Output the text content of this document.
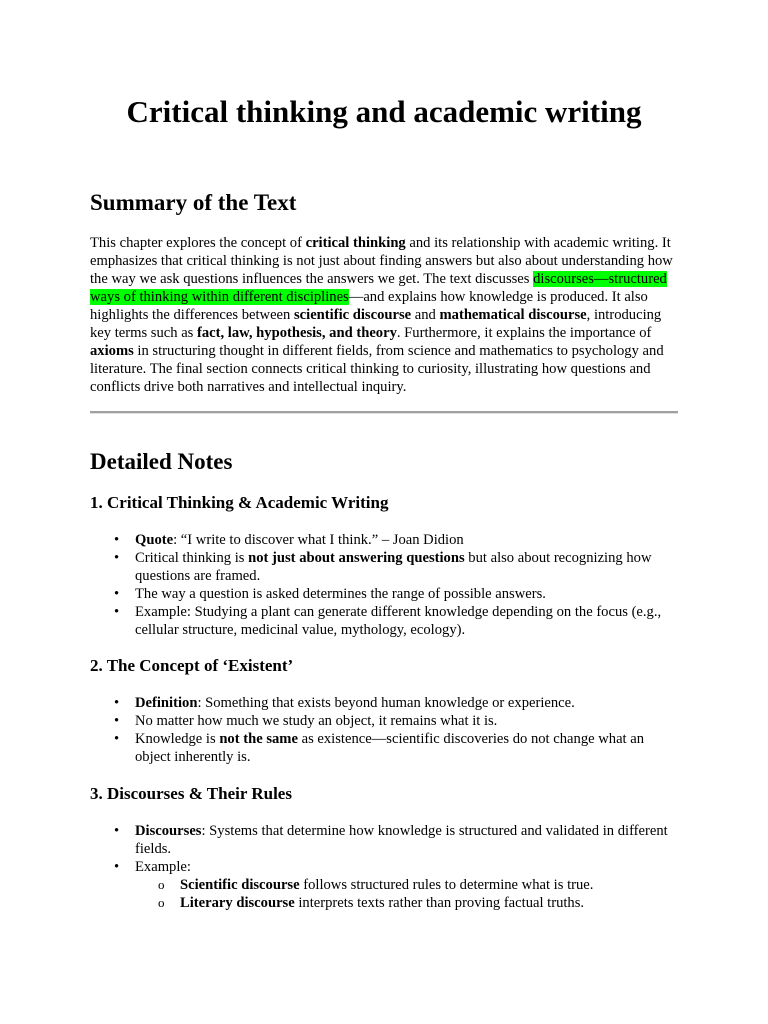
Critical thinking and academic writing
Summary of the Text

This chapter explores the concept of critical thinking and its relationship with academic writing. It emphasizes that critical thinking is not just about finding answers but also about understanding how the way we ask questions influences the answers we get. The text discusses discourses—structured ways of thinking within different disciplines—and explains how knowledge is produced. It also highlights the differences between scientific discourse and mathematical discourse, introducing key terms such as fact, law, hypothesis, and theory. Furthermore, it explains the importance of axioms in structuring thought in different fields, from science and mathematics to psychology and literature. The final section connects critical thinking to curiosity, illustrating how questions and conflicts drive both narratives and intellectual inquiry.

Detailed Notes
1. Critical Thinking & Academic Writing
•	Quote: “I write to discover what I think.” – Joan Didion
•	Critical thinking is not just about answering questions but also about recognizing how questions are framed.
•	The way a question is asked determines the range of possible answers.
•	Example: Studying a plant can generate different knowledge depending on the focus (e.g., cellular structure, medicinal value, mythology, ecology).
2. The Concept of ‘Existent’
•	Definition: Something that exists beyond human knowledge or experience.
•	No matter how much we study an object, it remains what it is.
•	Knowledge is not the same as existence—scientific discoveries do not change what an object inherently is.
3. Discourses & Their Rules
•	Discourses: Systems that determine how knowledge is structured and validated in different fields.
•	Example:
o Scientific discourse follows structured rules to determine what is true.
o Literary discourse interprets texts rather than proving factual truths.
